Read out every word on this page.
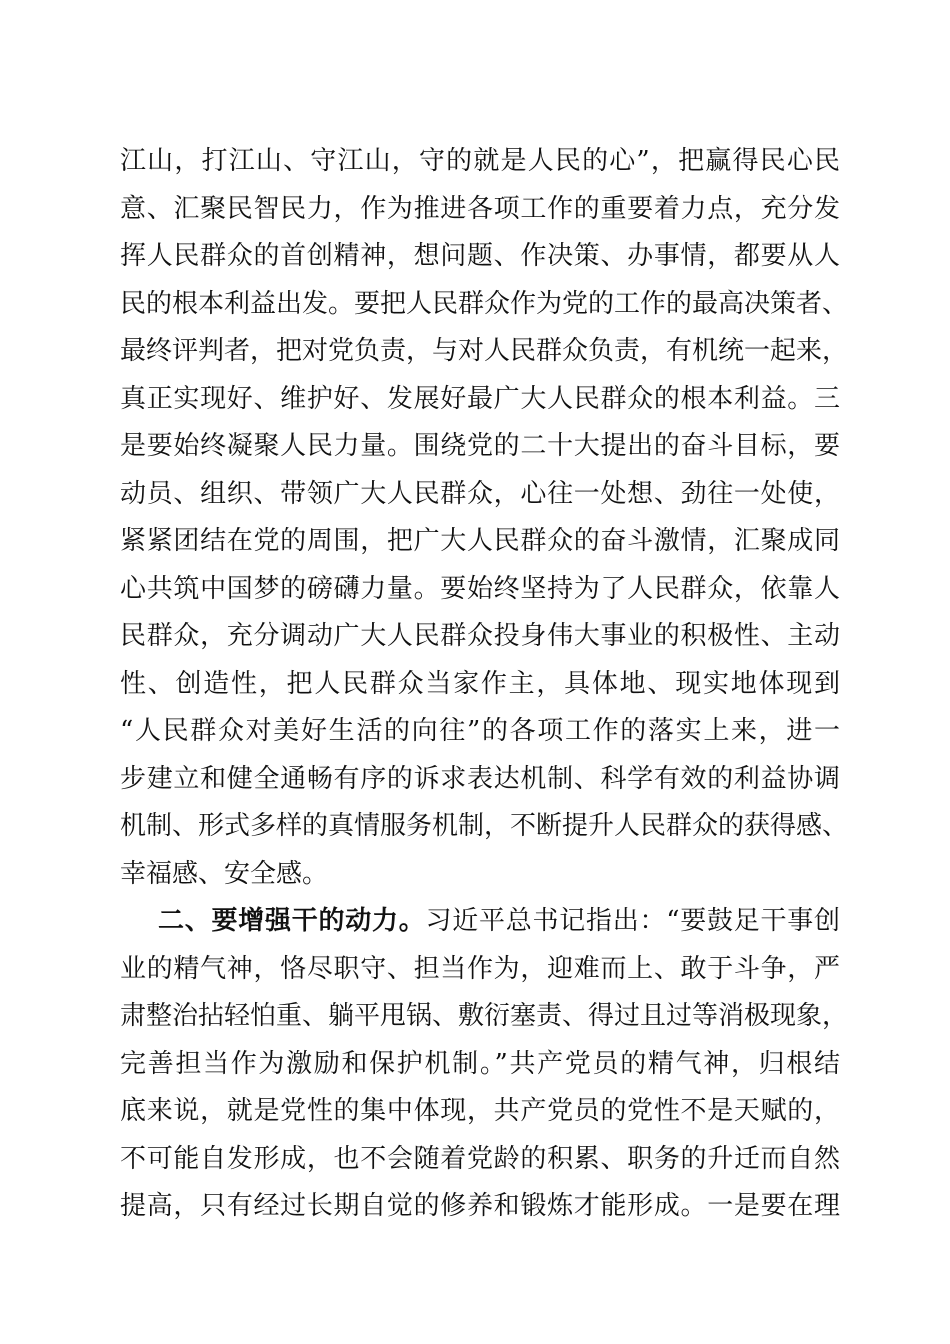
江山，打江山、守江山，守的就是人民的心”，把赢得民心民
意、汇聚民智民力，作为推进各项工作的重要着力点，充分发
挥人民群众的首创精神，想问题、作决策、办事情，都要从人
民的根本利益出发。要把人民群众作为党的工作的最高决策者、
最终评判者，把对党负责，与对人民群众负责，有机统一起来，
真正实现好、维护好、发展好最广大人民群众的根本利益。三
是要始终凝聚人民力量。围绕党的二十大提出的奋斗目标，要
动员、组织、带领广大人民群众，心往一处想、劲往一处使，
紧紧团结在党的周围，把广大人民群众的奋斗激情，汇聚成同
心共筑中国梦的磅礴力量。要始终坚持为了人民群众，依靠人
民群众，充分调动广大人民群众投身伟大事业的积极性、主动
性、创造性，把人民群众当家作主，具体地、现实地体现到
“人民群众对美好生活的向往”的各项工作的落实上来，进一
步建立和健全通畅有序的诉求表达机制、科学有效的利益协调
机制、形式多样的真情服务机制，不断提升人民群众的获得感、
幸福感、安全感。
二、要增强干的动力。习近平总书记指出：“要鼓足干事创
业的精气神，恪尽职守、担当作为，迎难而上、敢于斗争，严
肃整治拈轻怕重、躺平甩锅、敷衍塞责、得过且过等消极现象，
完善担当作为激励和保护机制。”共产党员的精气神，归根结
底来说，就是党性的集中体现，共产党员的党性不是天赋的，
不可能自发形成，也不会随着党龄的积累、职务的升迁而自然
提高，只有经过长期自觉的修养和锻炼才能形成。一是要在理
